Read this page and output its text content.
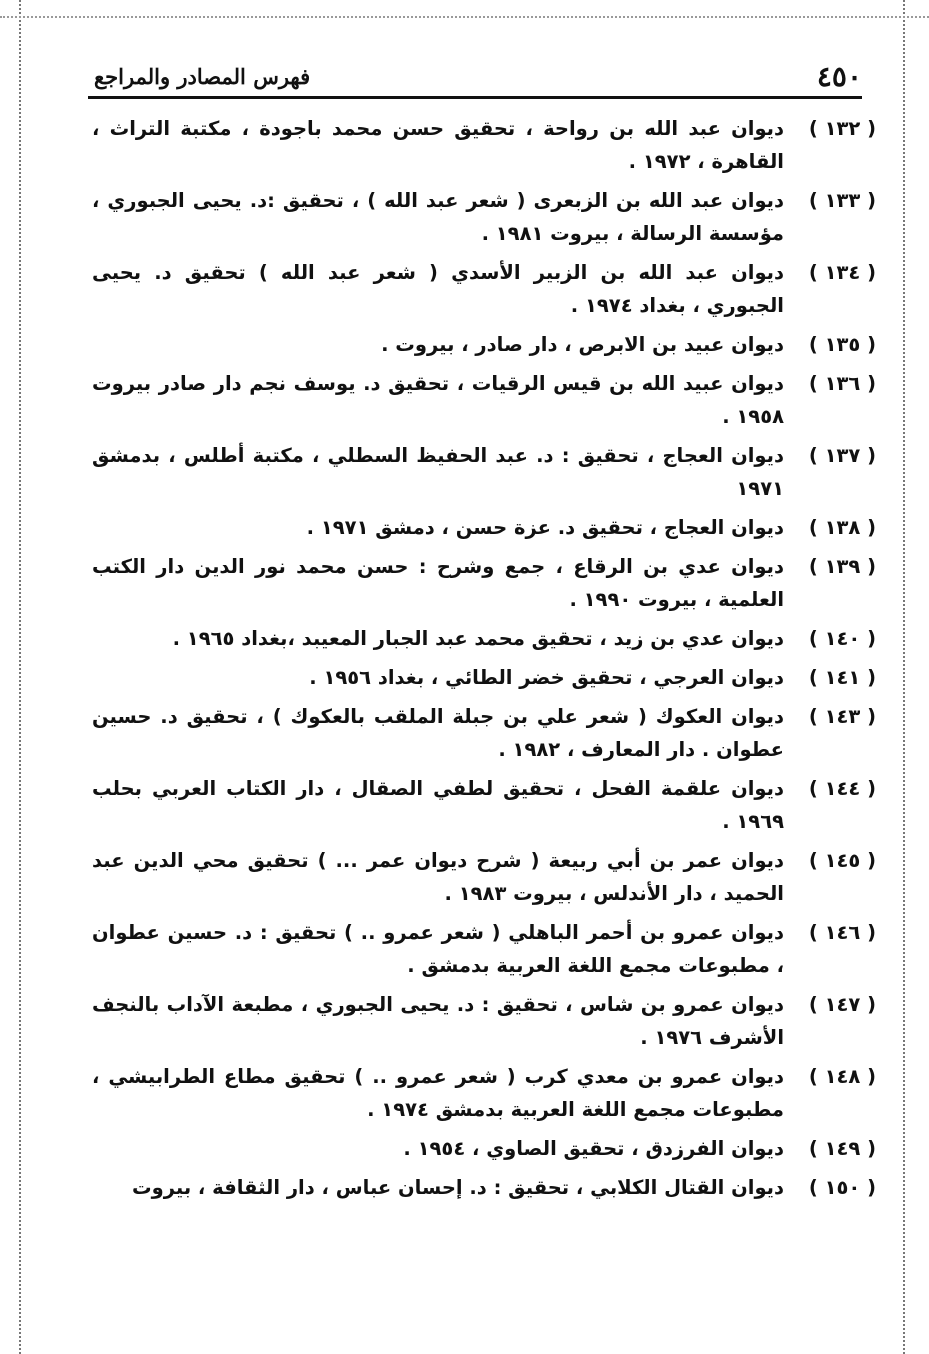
٤٥٠
فهرس المصادر والمراجع
( ١٣٢ )
ديوان عبد الله بن رواحة ، تحقيق حسن محمد باجودة ، مكتبة التراث ، القاهرة ، ١٩٧٢ .
( ١٣٣ )
ديوان عبد الله بن الزبعرى ( شعر عبد الله ) ، تحقيق :د. يحيى الجبوري ، مؤسسة الرسالة ، بيروت ١٩٨١ .
( ١٣٤ )
ديوان عبد الله بن الزبير الأسدي ( شعر عبد الله ) تحقيق د. يحيى الجبوري ، بغداد ١٩٧٤ .
( ١٣٥ )
ديوان عبيد بن الابرص ، دار صادر ، بيروت .
( ١٣٦ )
ديوان عبيد الله بن قيس الرقيات ، تحقيق د. يوسف نجم دار صادر بيروت ١٩٥٨ .
( ١٣٧ )
ديوان العجاج ، تحقيق : د. عبد الحفيظ السطلي ، مكتبة أطلس ، بدمشق ١٩٧١
( ١٣٨ )
ديوان العجاج ، تحقيق د. عزة حسن ، دمشق ١٩٧١ .
( ١٣٩ )
ديوان عدي بن الرقاع ، جمع وشرح : حسن محمد نور الدين دار الكتب العلمية ، بيروت ١٩٩٠ .
( ١٤٠ )
ديوان عدي بن زيد ، تحقيق محمد عبد الجبار المعيبد ،بغداد ١٩٦٥ .
( ١٤١ )
ديوان العرجي ، تحقيق خضر الطائي ، بغداد ١٩٥٦ .
( ١٤٣ )
ديوان العكوك ( شعر علي بن جبلة الملقب بالعكوك ) ، تحقيق د. حسين عطوان . دار المعارف ، ١٩٨٢ .
( ١٤٤ )
ديوان علقمة الفحل ، تحقيق لطفي الصقال ، دار الكتاب العربي بحلب ١٩٦٩ .
( ١٤٥ )
ديوان عمر بن أبي ربيعة ( شرح ديوان عمر ... ) تحقيق محي الدين عبد الحميد ، دار الأندلس ، بيروت ١٩٨٣ .
( ١٤٦ )
ديوان عمرو بن أحمر الباهلي ( شعر عمرو .. ) تحقيق : د. حسين عطوان ، مطبوعات مجمع اللغة العربية بدمشق .
( ١٤٧ )
ديوان عمرو بن شاس ، تحقيق : د. يحيى الجبوري ، مطبعة الآداب بالنجف الأشرف ١٩٧٦ .
( ١٤٨ )
ديوان عمرو بن معدي كرب ( شعر عمرو .. ) تحقيق مطاع الطرابيشي ، مطبوعات مجمع اللغة العربية بدمشق ١٩٧٤ .
( ١٤٩ )
ديوان الفرزدق ، تحقيق الصاوي ، ١٩٥٤ .
( ١٥٠ )
ديوان القتال الكلابي ، تحقيق : د. إحسان عباس ، دار الثقافة ، بيروت
